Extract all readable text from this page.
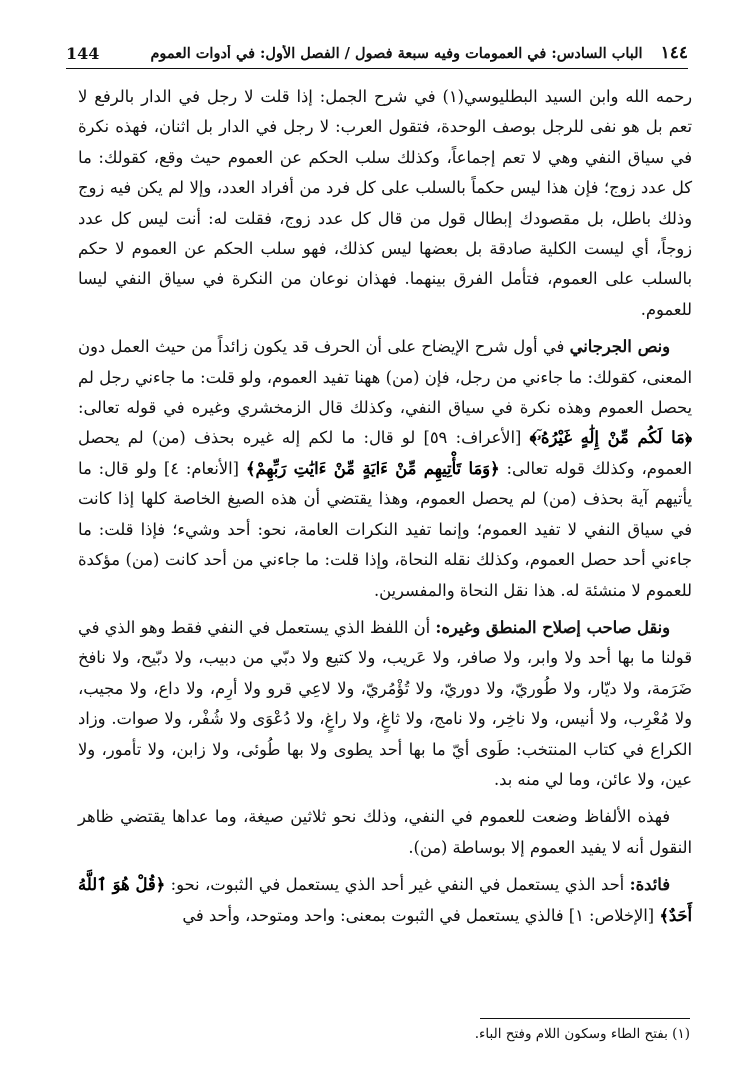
١٤٤
الباب السادس: في العمومات وفيه سبعة فصول / الفصل الأول: في أدوات العموم
144

رحمه الله وابن السيد البطليوسي(١) في شرح الجمل: إذا قلت لا رجل في الدار بالرفع لا تعم بل هو نفى للرجل بوصف الوحدة، فتقول العرب: لا رجل في الدار بل اثنان، فهذه نكرة في سياق النفي وهي لا تعم إجماعاً، وكذلك سلب الحكم عن العموم حيث وقع، كقولك: ما كل عدد زوج؛ فإن هذا ليس حكماً بالسلب على كل فرد من أفراد العدد، وإلا لم يكن فيه زوج وذلك باطل، بل مقصودك إبطال قول من قال كل عدد زوج، فقلت له: أنت ليس كل عدد زوجاً، أي ليست الكلية صادقة بل بعضها ليس كذلك، فهو سلب الحكم عن العموم لا حكم بالسلب على العموم، فتأمل الفرق بينهما. فهذان نوعان من النكرة في سياق النفي ليسا للعموم.

ونص الجرجاني في أول شرح الإيضاح على أن الحرف قد يكون زائداً من حيث العمل دون المعنى، كقولك: ما جاءني من رجل، فإن (من) ههنا تفيد العموم، ولو قلت: ما جاءني رجل لم يحصل العموم وهذه نكرة في سياق النفي، وكذلك قال الزمخشري وغيره في قوله تعالى: ﴿مَا لَكُم مِّنْ إِلَٰهٍ غَيْرُهُۥٓ﴾ [الأعراف: ٥٩] لو قال: ما لكم إله غيره بحذف (من) لم يحصل العموم، وكذلك قوله تعالى: ﴿وَمَا تَأْتِيهِم مِّنْ ءَايَةٍ مِّنْ ءَايَٰتِ رَبِّهِمْ﴾ [الأنعام: ٤] ولو قال: ما يأتيهم آية بحذف (من) لم يحصل العموم، وهذا يقتضي أن هذه الصيغ الخاصة كلها إذا كانت في سياق النفي لا تفيد العموم؛ وإنما تفيد النكرات العامة، نحو: أحد وشيء؛ فإذا قلت: ما جاءني أحد حصل العموم، وكذلك نقله النحاة، وإذا قلت: ما جاءني من أحد كانت (من) مؤكدة للعموم لا منشئة له. هذا نقل النحاة والمفسرين.

ونقل صاحب إصلاح المنطق وغيره: أن اللفظ الذي يستعمل في النفي فقط وهو الذي في قولنا ما بها أحد ولا وابر، ولا صافر، ولا عَريب، ولا كتيع ولا دبّي من دبيب، ولا دبّيح، ولا نافخ ضَرَمة، ولا ديّار، ولا طُوريّ، ولا دوريّ، ولا تُؤْمُريّ، ولا لاعِي قرو ولا أرِم، ولا داع، ولا مجيب، ولا مُعْرِب، ولا أنيس، ولا ناخِر، ولا نامج، ولا ثاغٍ، ولا راغٍ، ولا دُعْوَى ولا شُفْر، ولا صوات. وزاد الكراع في كتاب المنتخب: طَوى أيّ ما بها أحد يطوى ولا بها طُوئى، ولا زابن، ولا تأمور، ولا عين، ولا عائن، وما لي منه بد.

فهذه الألفاظ وضعت للعموم في النفي، وذلك نحو ثلاثين صيغة، وما عداها يقتضي ظاهر النقول أنه لا يفيد العموم إلا بوساطة (من).

فائدة: أحد الذي يستعمل في النفي غير أحد الذي يستعمل في الثبوت، نحو: ﴿قُلْ هُوَ ٱللَّهُ أَحَدٌ﴾ [الإخلاص: ١] فالذي يستعمل في الثبوت بمعنى: واحد ومتوحد، وأحد في

(١) بفتح الطاء وسكون اللام وفتح الباء.
